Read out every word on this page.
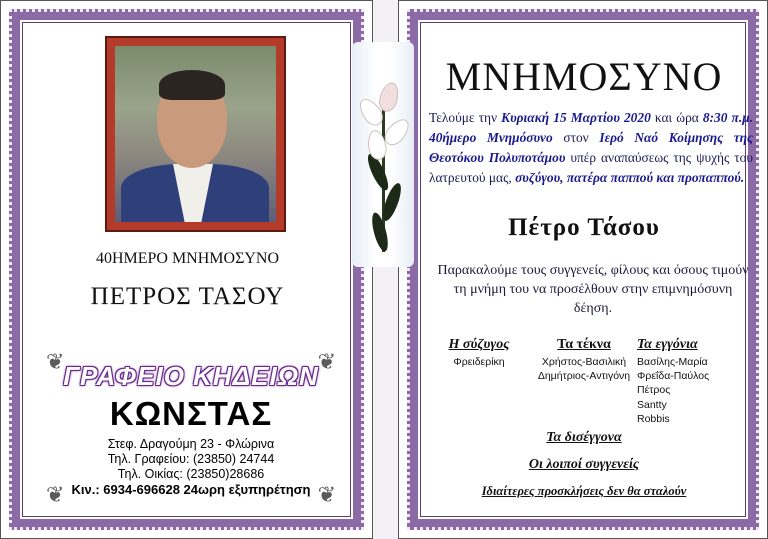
40ΗΜΕΡΟ ΜΝΗΜΟΣΥΝΟ
ΠΕΤΡΟΣ ΤΑΣΟΥ
❦	❦
❦	❦
ΓΡΑΦΕΙΟ ΚΗΔΕΙΩΝ
ΚΩΝΣΤΑΣ
Στεφ. Δραγούμη 23 - Φλώρινα
Τηλ. Γραφείου: (23850) 24744
Τηλ. Οικίας: (23850)28686
Κιν.: 6934-696628 24ωρη εξυπηρέτηση
ΜΝΗΜΟΣΥΝΟ
Τελούμε την Κυριακή 15 Μαρτίου 2020 και ώρα 8:30 π.μ. 40ήμερο Μνημόσυνο στον Ιερό Ναό Κοίμησης της Θεοτόκου Πολυποτάμου υπέρ αναπαύσεως της ψυχής του λατρευτού μας, συζύγου, πατέρα παππού και προπαππού.
Πέτρο Τάσου
Παρακαλούμε τους συγγενείς, φίλους και όσους τιμούν τη μνήμη του να προσέλθουν στην επιμνημόσυνη δέηση.
Η σύζυγος
Φρειδερίκη
Τα τέκνα
Χρήστος-Βασιλική
Δημήτριος-Αντιγόνη
Τα εγγόνια
Βασίλης-Μαρία
Φρεΐδα-Παύλος
Πέτρος
Santty
Robbis
Τα δισέγγονα
Οι λοιποί συγγενείς
Ιδιαίτερες προσκλήσεις δεν θα σταλούν
